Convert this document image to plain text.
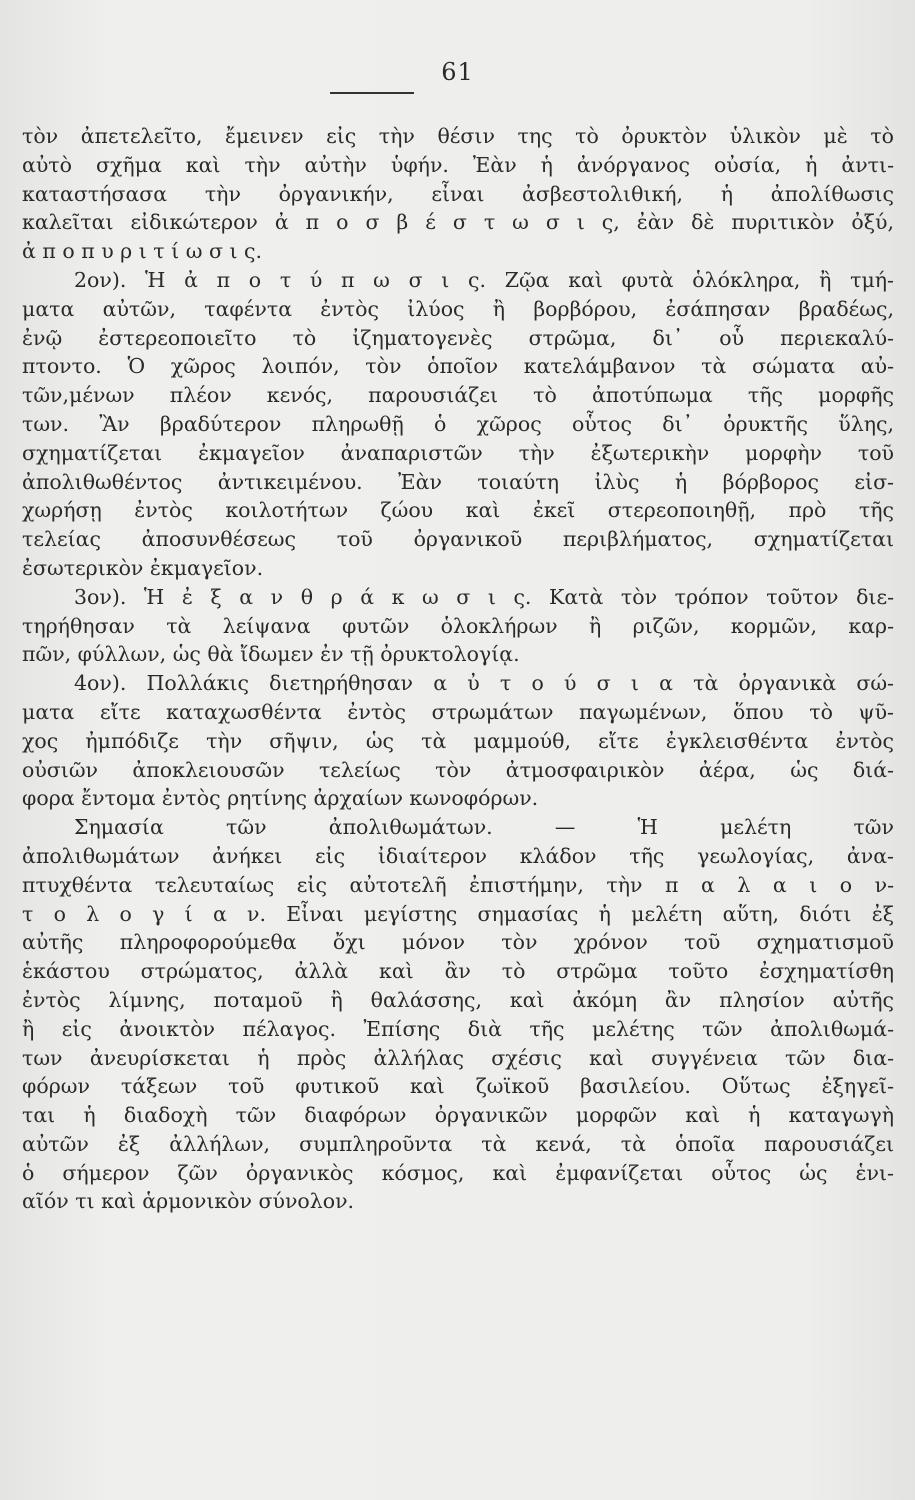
61
τὸν ἀπετελεῖτο, ἔμεινεν εἰς τὴν θέσιν της τὸ ὀρυκτὸν ὑλικὸν μὲ τὸ
αὐτὸ σχῆμα καὶ τὴν αὐτὴν ὑφήν. Ἐὰν ἡ ἀνόργανος οὐσία, ἡ ἀντι-
καταστήσασα τὴν ὀργανικήν, εἶναι ἀσβεστολιθική, ἡ ἀπολίθωσις
καλεῖται εἰδικώτερον ἀ π ο σ β έ σ τ ω σ ι ς, ἐὰν δὲ πυριτικὸν ὀξύ,
ἀ π ο π υ ρ ι τ ί ω σ ι ς.
2ον). Ἡ ἀ π ο τ ύ π ω σ ι ς. Ζῷα καὶ φυτὰ ὁλόκληρα, ἢ τμή-
ματα αὐτῶν, ταφέντα ἐντὸς ἰλύος ἢ βορβόρου, ἐσάπησαν βραδέως,
ἐνῷ ἐστερεοποιεῖτο τὸ ἰζηματογενὲς στρῶμα, δι᾽ οὗ περιεκαλύ-
πτοντο. Ὁ χῶρος λοιπόν, τὸν ὁποῖον κατελάμβανον τὰ σώματα αὐ-
τῶν,μένων πλέον κενός, παρουσιάζει τὸ ἀποτύπωμα τῆς μορφῆς
των. Ἂν βραδύτερον πληρωθῇ ὁ χῶρος οὗτος δι᾽ ὀρυκτῆς ὕλης,
σχηματίζεται ἐκμαγεῖον ἀναπαριστῶν τὴν ἐξωτερικὴν μορφὴν τοῦ
ἀπολιθωθέντος ἀντικειμένου. Ἐὰν τοιαύτη ἰλὺς ἡ βόρβορος εἰσ-
χωρήσῃ ἐντὸς κοιλοτήτων ζώου καὶ ἐκεῖ στερεοποιηθῇ, πρὸ τῆς
τελείας ἀποσυνθέσεως τοῦ ὀργανικοῦ περιβλήματος, σχηματίζεται
ἐσωτερικὸν ἐκμαγεῖον.
3ον). Ἡ ἐ ξ α ν θ ρ ά κ ω σ ι ς. Κατὰ τὸν τρόπον τοῦτον διε-
τηρήθησαν τὰ λείψανα φυτῶν ὁλοκλήρων ἢ ριζῶν, κορμῶν, καρ-
πῶν, φύλλων, ὡς θὰ ἴδωμεν ἐν τῇ ὀρυκτολογίᾳ.
4ον). Πολλάκις διετηρήθησαν α ὐ τ ο ύ σ ι α τὰ ὀργανικὰ σώ-
ματα εἴτε καταχωσθέντα ἐντὸς στρωμάτων παγωμένων, ὅπου τὸ ψῦ-
χος ἠμπόδιζε τὴν σῆψιν, ὡς τὰ μαμμούθ, εἴτε ἐγκλεισθέντα ἐντὸς
οὐσιῶν ἀποκλειουσῶν τελείως τὸν ἀτμοσφαιρικὸν ἀέρα, ὡς διά-
φορα ἔντομα ἐντὸς ρητίνης ἀρχαίων κωνοφόρων.
Σημασία τῶν ἀπολιθωμάτων. — Ἡ μελέτη τῶν
ἀπολιθωμάτων ἀνήκει εἰς ἰδιαίτερον κλάδον τῆς γεωλογίας, ἀνα-
πτυχθέντα τελευταίως εἰς αὐτοτελῆ ἐπιστήμην, τὴν π α λ α ι ο ν-
τ ο λ ο γ ί α ν. Εἶναι μεγίστης σημασίας ἡ μελέτη αὕτη, διότι ἐξ
αὐτῆς πληροφορούμεθα ὄχι μόνον τὸν χρόνον τοῦ σχηματισμοῦ
ἑκάστου στρώματος, ἀλλὰ καὶ ἂν τὸ στρῶμα τοῦτο ἐσχηματίσθη
ἐντὸς λίμνης, ποταμοῦ ἢ θαλάσσης, καὶ ἀκόμη ἂν πλησίον αὐτῆς
ἢ εἰς ἀνοικτὸν πέλαγος. Ἐπίσης διὰ τῆς μελέτης τῶν ἀπολιθωμά-
των ἀνευρίσκεται ἡ πρὸς ἀλλήλας σχέσις καὶ συγγένεια τῶν δια-
φόρων τάξεων τοῦ φυτικοῦ καὶ ζωϊκοῦ βασιλείου. Οὕτως ἐξηγεῖ-
ται ἡ διαδοχὴ τῶν διαφόρων ὀργανικῶν μορφῶν καὶ ἡ καταγωγὴ
αὐτῶν ἐξ ἀλλήλων, συμπληροῦντα τὰ κενά, τὰ ὁποῖα παρουσιάζει
ὁ σήμερον ζῶν ὀργανικὸς κόσμος, καὶ ἐμφανίζεται οὗτος ὡς ἑνι-
αῖόν τι καὶ ἁρμονικὸν σύνολον.
